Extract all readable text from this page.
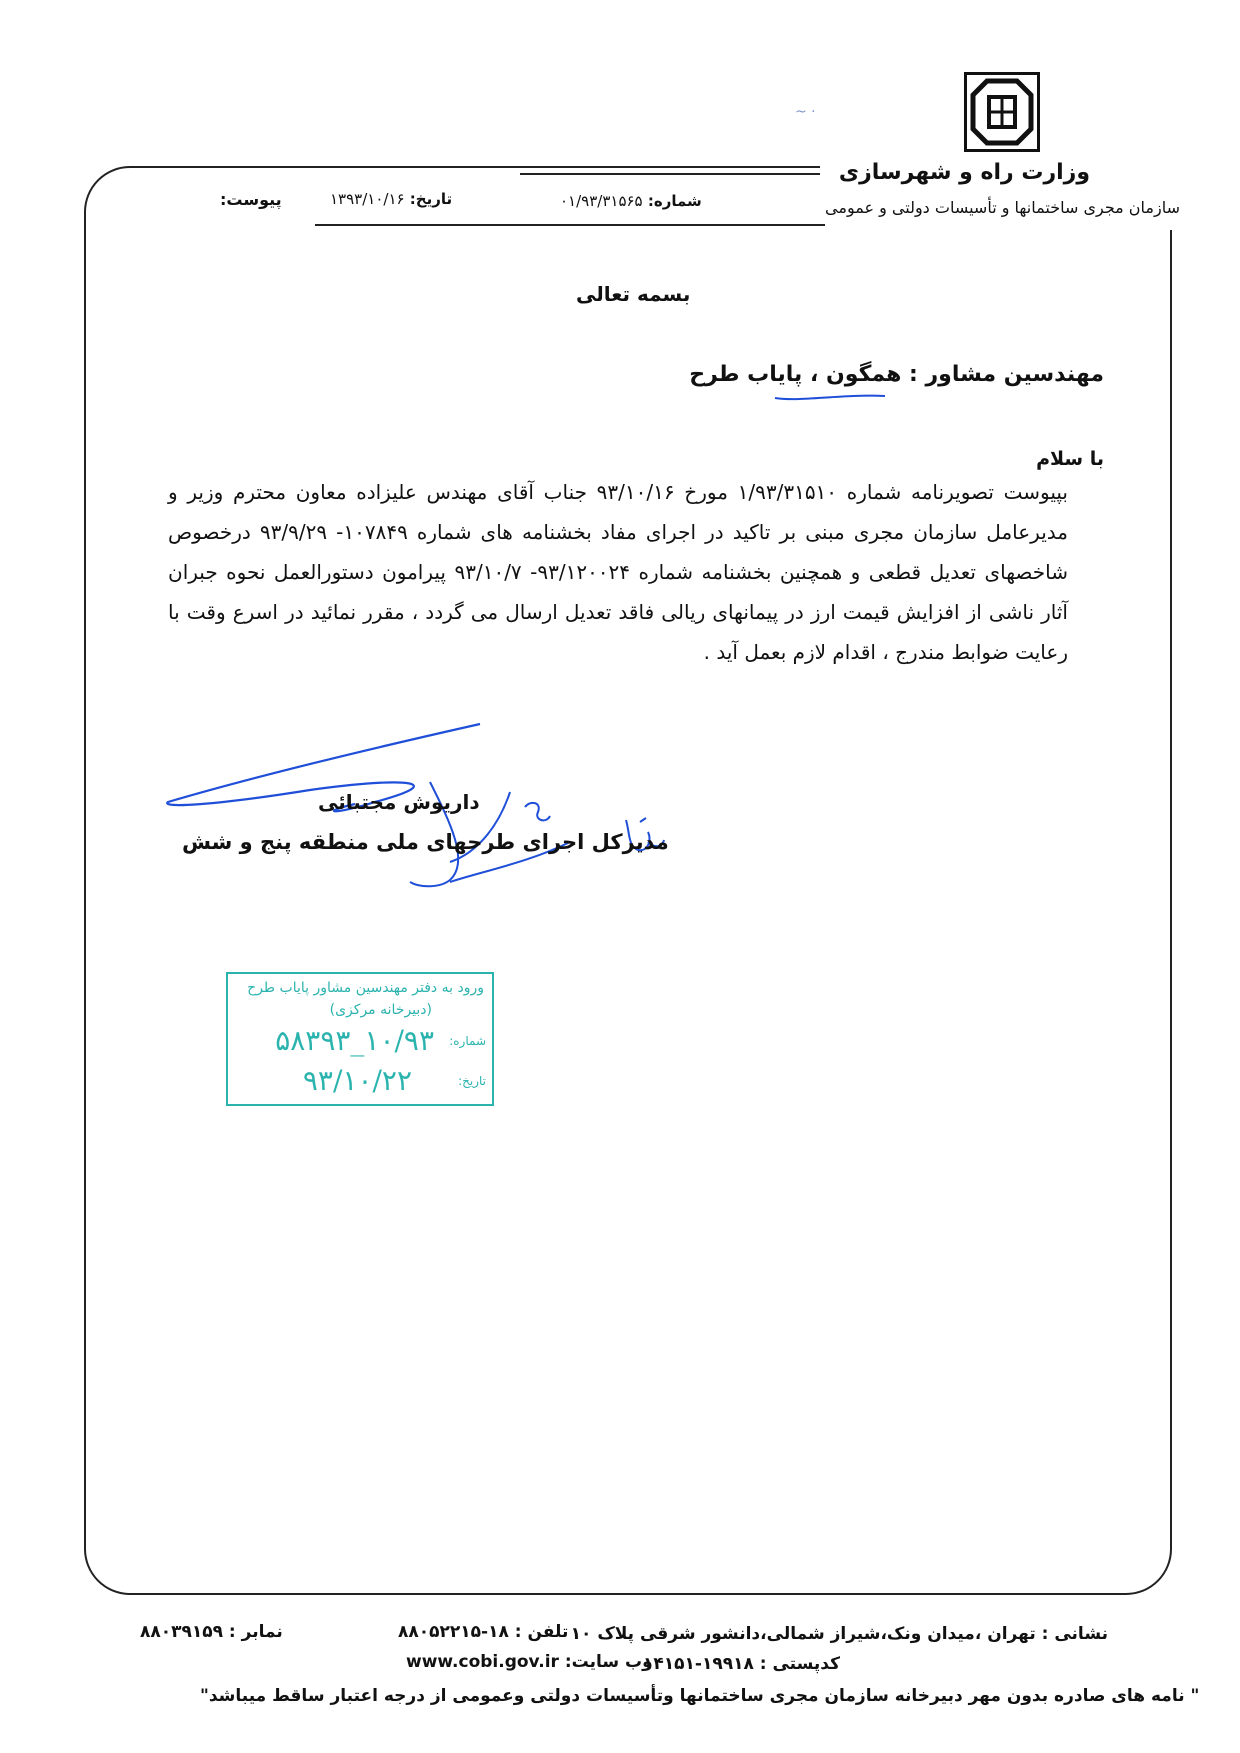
وزارت راه و شهرسازی
سازمان مجری ساختمانها و تأسیسات دولتی و عمومی
شماره: ۰۱/۹۳/۳۱۵۶۵
تاریخ: ۱۳۹۳/۱۰/۱۶
پیوست:
~ ·
بسمه تعالی
مهندسین مشاور : همگون ، پایاب طرح
با سلام
بپیوست تصویرنامه شماره ۱/۹۳/۳۱۵۱۰ مورخ ۹۳/۱۰/۱۶ جناب آقای مهندس علیزاده معاون محترم وزیر و مدیرعامل سازمان مجری مبنی بر تاکید در اجرای مفاد بخشنامه های شماره ۱۰۷۸۴۹- ۹۳/۹/۲۹ درخصوص شاخصهای تعدیل قطعی و همچنین بخشنامه شماره ۹۳/۱۲۰۰۲۴- ۹۳/۱۰/۷ پیرامون دستورالعمل نحوه جبران آثار ناشی از افزایش قیمت ارز در پیمانهای ریالی فاقد تعدیل ارسال می گردد ، مقرر نمائید در اسرع وقت با رعایت ضوابط مندرج ، اقدام لازم بعمل آید .
داریوش مجتبائی
مدیرکل اجرای طرحهای ملی منطقه پنج و شش
ورود به دفتر مهندسین مشاور پایاب طرح
(دبیرخانه مرکزی)
شماره:
۱۰/۹۳_۵۸۳۹۳
تاریخ:
۹۳/۱۰/۲۲
نشانی : تهران ،میدان ونک،شیراز شمالی،دانشور شرقی پلاک ۱۰
تلفن : ۱۸-۸۸۰۵۲۲۱۵
نمابر : ۸۸۰۳۹۱۵۹
کدپستی : ۱۹۹۱۸-۱۴۱۵۱
وب سایت: www.cobi.gov.ir
" نامه های صادره بدون مهر دبیرخانه سازمان مجری ساختمانها وتأسیسات دولتی وعمومی از درجه اعتبار ساقط میباشد"
